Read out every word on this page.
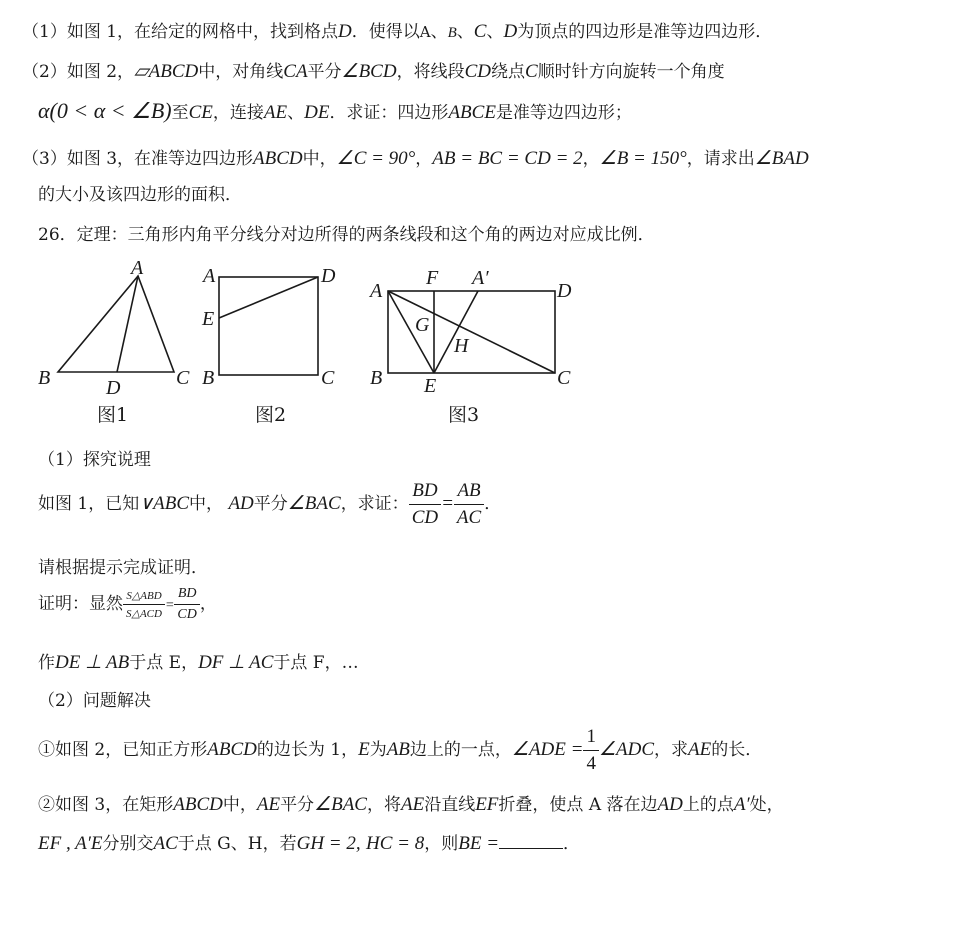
（1）如图 1，在给定的网格中，找到格点D．使得以A、B、C、D为顶点的四边形是准等边四边形．
（2）如图 2，▱ABCD中，对角线CA平分∠BCD，将线段CD绕点C顺时针方向旋转一个角度
α(0 < α < ∠B)至CE，连接AE、DE．求证：四边形ABCE是准等边四边形；
（3）如图 3，在准等边四边形ABCD中，∠C = 90°，AB = BC = CD = 2，∠B = 150°，请求出∠BAD
的大小及该四边形的面积．
26．定理：三角形内角平分线分对边所得的两条线段和这个角的两边对应成比例．
A
B	C
D
图1
A	D
E
B	C
图2
A
F A′
D
G
H
B E	C
图3
（1）探究说理
如图 1，已知∨ABC中， AD平分∠BAC，求证： $\frac{BD}{CD} = \frac{AB}{AC}$ ．
请根据提示完成证明．
证明：显然 $\frac{\text{S△ABD}}{\text{S△ACD}} = \frac{BD}{CD}$ ，
作DE ⊥ AB于点 E，DF ⊥ AC于点 F，…
（2）问题解决
①如图 2，已知正方形ABCD的边长为 1，E为AB边上的一点，∠ADE = $\frac{1}{4}$ ∠ADC，求AE的长．
②如图 3，在矩形ABCD中，AE平分∠BAC，将AE沿直线EF折叠，使点 A 落在边AD上的点A′处，
EF , A′E分别交AC于点 G、H，若GH = 2, HC = 8，则BE =	．
